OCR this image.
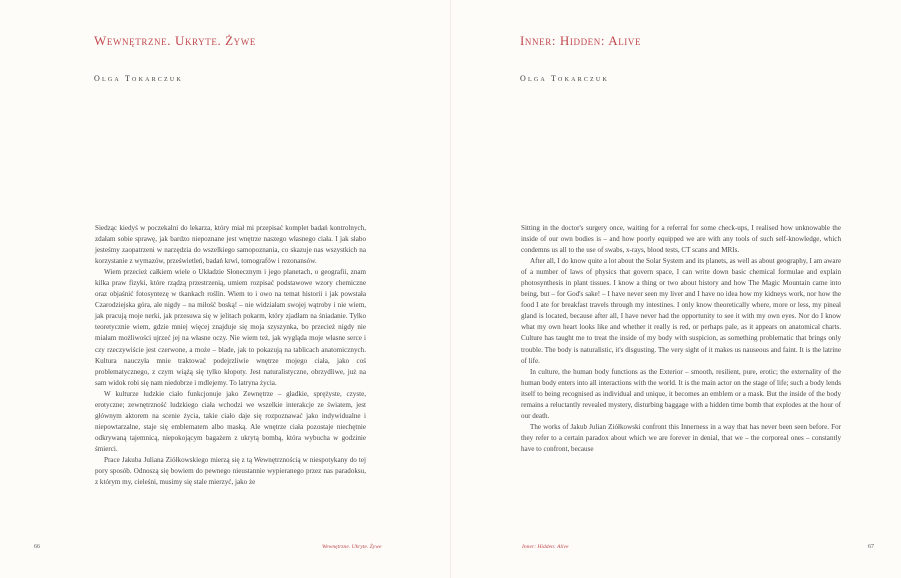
Wewnętrzne. Ukryte. Żywe
Olga Tokarczuk

Siedząc kiedyś w poczekalni do lekarza, który miał mi przepisać komplet badań kontrolnych, zdałam sobie sprawę, jak bardzo niepoznane jest wnętrze naszego własnego ciała. I jak słabo jesteśmy zaopatrzeni w narzędzia do wszelkiego samopoznania, co skazuje nas wszystkich na korzystanie z wymazów, prześwietleń, badań krwi, tomografów i rezonansów.

Wiem przecież całkiem wiele o Układzie Słonecznym i jego planetach, o geografii, znam kilka praw fizyki, które rządzą przestrzenią, umiem rozpisać podstawowe wzory chemiczne oraz objaśnić fotosyntezę w tkankach roślin. Wiem to i owo na temat historii i jak powstała Czarodziejska góra, ale nigdy – na miłość boską! – nie widziałam swojej wątroby i nie wiem, jak pracują moje nerki, jak przesuwa się w jelitach pokarm, który zjadłam na śniadanie. Tylko teoretycznie wiem, gdzie mniej więcej znajduje się moja szyszynka, bo przecież nigdy nie miałam możliwości ujrzeć jej na własne oczy. Nie wiem też, jak wygląda moje własne serce i czy rzeczywiście jest czerwone, a może – blade, jak to pokazują na tablicach anatomicznych. Kultura nauczyła mnie traktować podejrzliwie wnętrze mojego ciała, jako coś problematycznego, z czym wiążą się tylko kłopoty. Jest naturalistyczne, obrzydliwe, już na sam widok robi się nam niedobrze i mdlejemy. To latryna życia.

W kulturze ludzkie ciało funkcjonuje jako Zewnętrze – gładkie, sprężyste, czyste, erotyczne; zewnętrzność ludzkiego ciała wchodzi we wszelkie interakcje ze światem, jest głównym aktorem na scenie życia, takie ciało daje się rozpoznawać jako indywidualne i niepowtarzalne, staje się emblematem albo maską. Ale wnętrze ciała pozostaje niechętnie odkrywaną tajemnicą, niepokojącym bagażem z ukrytą bombą, która wybucha w godzinie śmierci.

Prace Jakuba Juliana Ziółkowskiego mierzą się z tą Wewnętrznością w niespotykany do tej pory sposób. Odnoszą się bowiem do pewnego nieustannie wypieranego przez nas paradoksu, z którym my, cieleśni, musimy się stale mierzyć, jako że

66	Wewnętrzne. Ukryte. Żywe
Inner: Hidden: Alive
Olga Tokarczuk

Sitting in the doctor's surgery once, waiting for a referral for some check-ups, I realised how unknowable the inside of our own bodies is – and how poorly equipped we are with any tools of such self-knowledge, which condemns us all to the use of swabs, x-rays, blood tests, CT scans and MRIs.

After all, I do know quite a lot about the Solar System and its planets, as well as about geography, I am aware of a number of laws of physics that govern space, I can write down basic chemical formulae and explain photosynthesis in plant tissues. I know a thing or two about history and how The Magic Mountain came into being, but – for God's sake! – I have never seen my liver and I have no idea how my kidneys work, nor how the food I ate for breakfast travels through my intestines. I only know theoretically where, more or less, my pineal gland is located, because after all, I have never had the opportunity to see it with my own eyes. Nor do I know what my own heart looks like and whether it really is red, or perhaps pale, as it appears on anatomical charts. Culture has taught me to treat the inside of my body with suspicion, as something problematic that brings only trouble. The body is naturalistic, it's disgusting. The very sight of it makes us nauseous and faint. It is the latrine of life.

In culture, the human body functions as the Exterior – smooth, resilient, pure, erotic; the externality of the human body enters into all interactions with the world. It is the main actor on the stage of life; such a body lends itself to being recognised as individual and unique, it becomes an emblem or a mask. But the inside of the body remains a reluctantly revealed mystery, disturbing baggage with a hidden time bomb that explodes at the hour of our death.

The works of Jakub Julian Ziółkowski confront this Innerness in a way that has never been seen before. For they refer to a certain paradox about which we are forever in denial, that we – the corporeal ones – constantly have to confront, because

Inner: Hidden: Alive	67
